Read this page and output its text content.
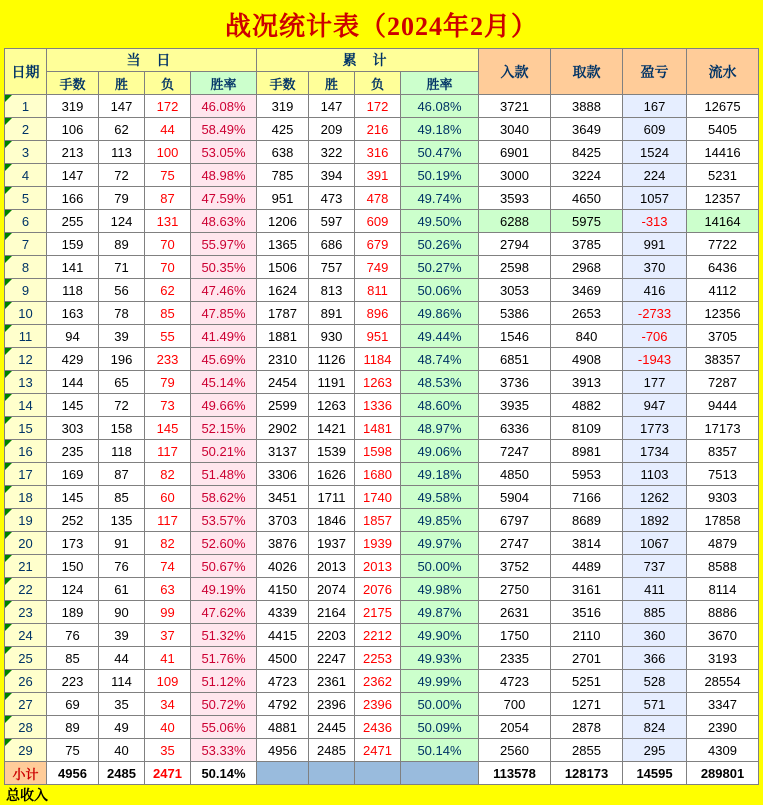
战况统计表（2024年2月）
日期	当 日				累 计				入款	取款	盈亏	流水
	手数	胜	负	胜率	手数	胜	负	胜率				
1	319	147	172	46.08%	319	147	172	46.08%	3721	3888	167	12675
2	106	62	44	58.49%	425	209	216	49.18%	3040	3649	609	5405
3	213	113	100	53.05%	638	322	316	50.47%	6901	8425	1524	14416
4	147	72	75	48.98%	785	394	391	50.19%	3000	3224	224	5231
5	166	79	87	47.59%	951	473	478	49.74%	3593	4650	1057	12357
6	255	124	131	48.63%	1206	597	609	49.50%	6288	5975	-313	14164
7	159	89	70	55.97%	1365	686	679	50.26%	2794	3785	991	7722
8	141	71	70	50.35%	1506	757	749	50.27%	2598	2968	370	6436
9	118	56	62	47.46%	1624	813	811	50.06%	3053	3469	416	4112
10	163	78	85	47.85%	1787	891	896	49.86%	5386	2653	-2733	12356
11	94	39	55	41.49%	1881	930	951	49.44%	1546	840	-706	3705
12	429	196	233	45.69%	2310	1126	1184	48.74%	6851	4908	-1943	38357
13	144	65	79	45.14%	2454	1191	1263	48.53%	3736	3913	177	7287
14	145	72	73	49.66%	2599	1263	1336	48.60%	3935	4882	947	9444
15	303	158	145	52.15%	2902	1421	1481	48.97%	6336	8109	1773	17173
16	235	118	117	50.21%	3137	1539	1598	49.06%	7247	8981	1734	8357
17	169	87	82	51.48%	3306	1626	1680	49.18%	4850	5953	1103	7513
18	145	85	60	58.62%	3451	1711	1740	49.58%	5904	7166	1262	9303
19	252	135	117	53.57%	3703	1846	1857	49.85%	6797	8689	1892	17858
20	173	91	82	52.60%	3876	1937	1939	49.97%	2747	3814	1067	4879
21	150	76	74	50.67%	4026	2013	2013	50.00%	3752	4489	737	8588
22	124	61	63	49.19%	4150	2074	2076	49.98%	2750	3161	411	8114
23	189	90	99	47.62%	4339	2164	2175	49.87%	2631	3516	885	8886
24	76	39	37	51.32%	4415	2203	2212	49.90%	1750	2110	360	3670
25	85	44	41	51.76%	4500	2247	2253	49.93%	2335	2701	366	3193
26	223	114	109	51.12%	4723	2361	2362	49.99%	4723	5251	528	28554
27	69	35	34	50.72%	4792	2396	2396	50.00%	700	1271	571	3347
28	89	49	40	55.06%	4881	2445	2436	50.09%	2054	2878	824	2390
29	75	40	35	53.33%	4956	2485	2471	50.14%	2560	2855	295	4309
小计	4956	2485	2471	50.14%					113578	128173	14595	289801
总收入
